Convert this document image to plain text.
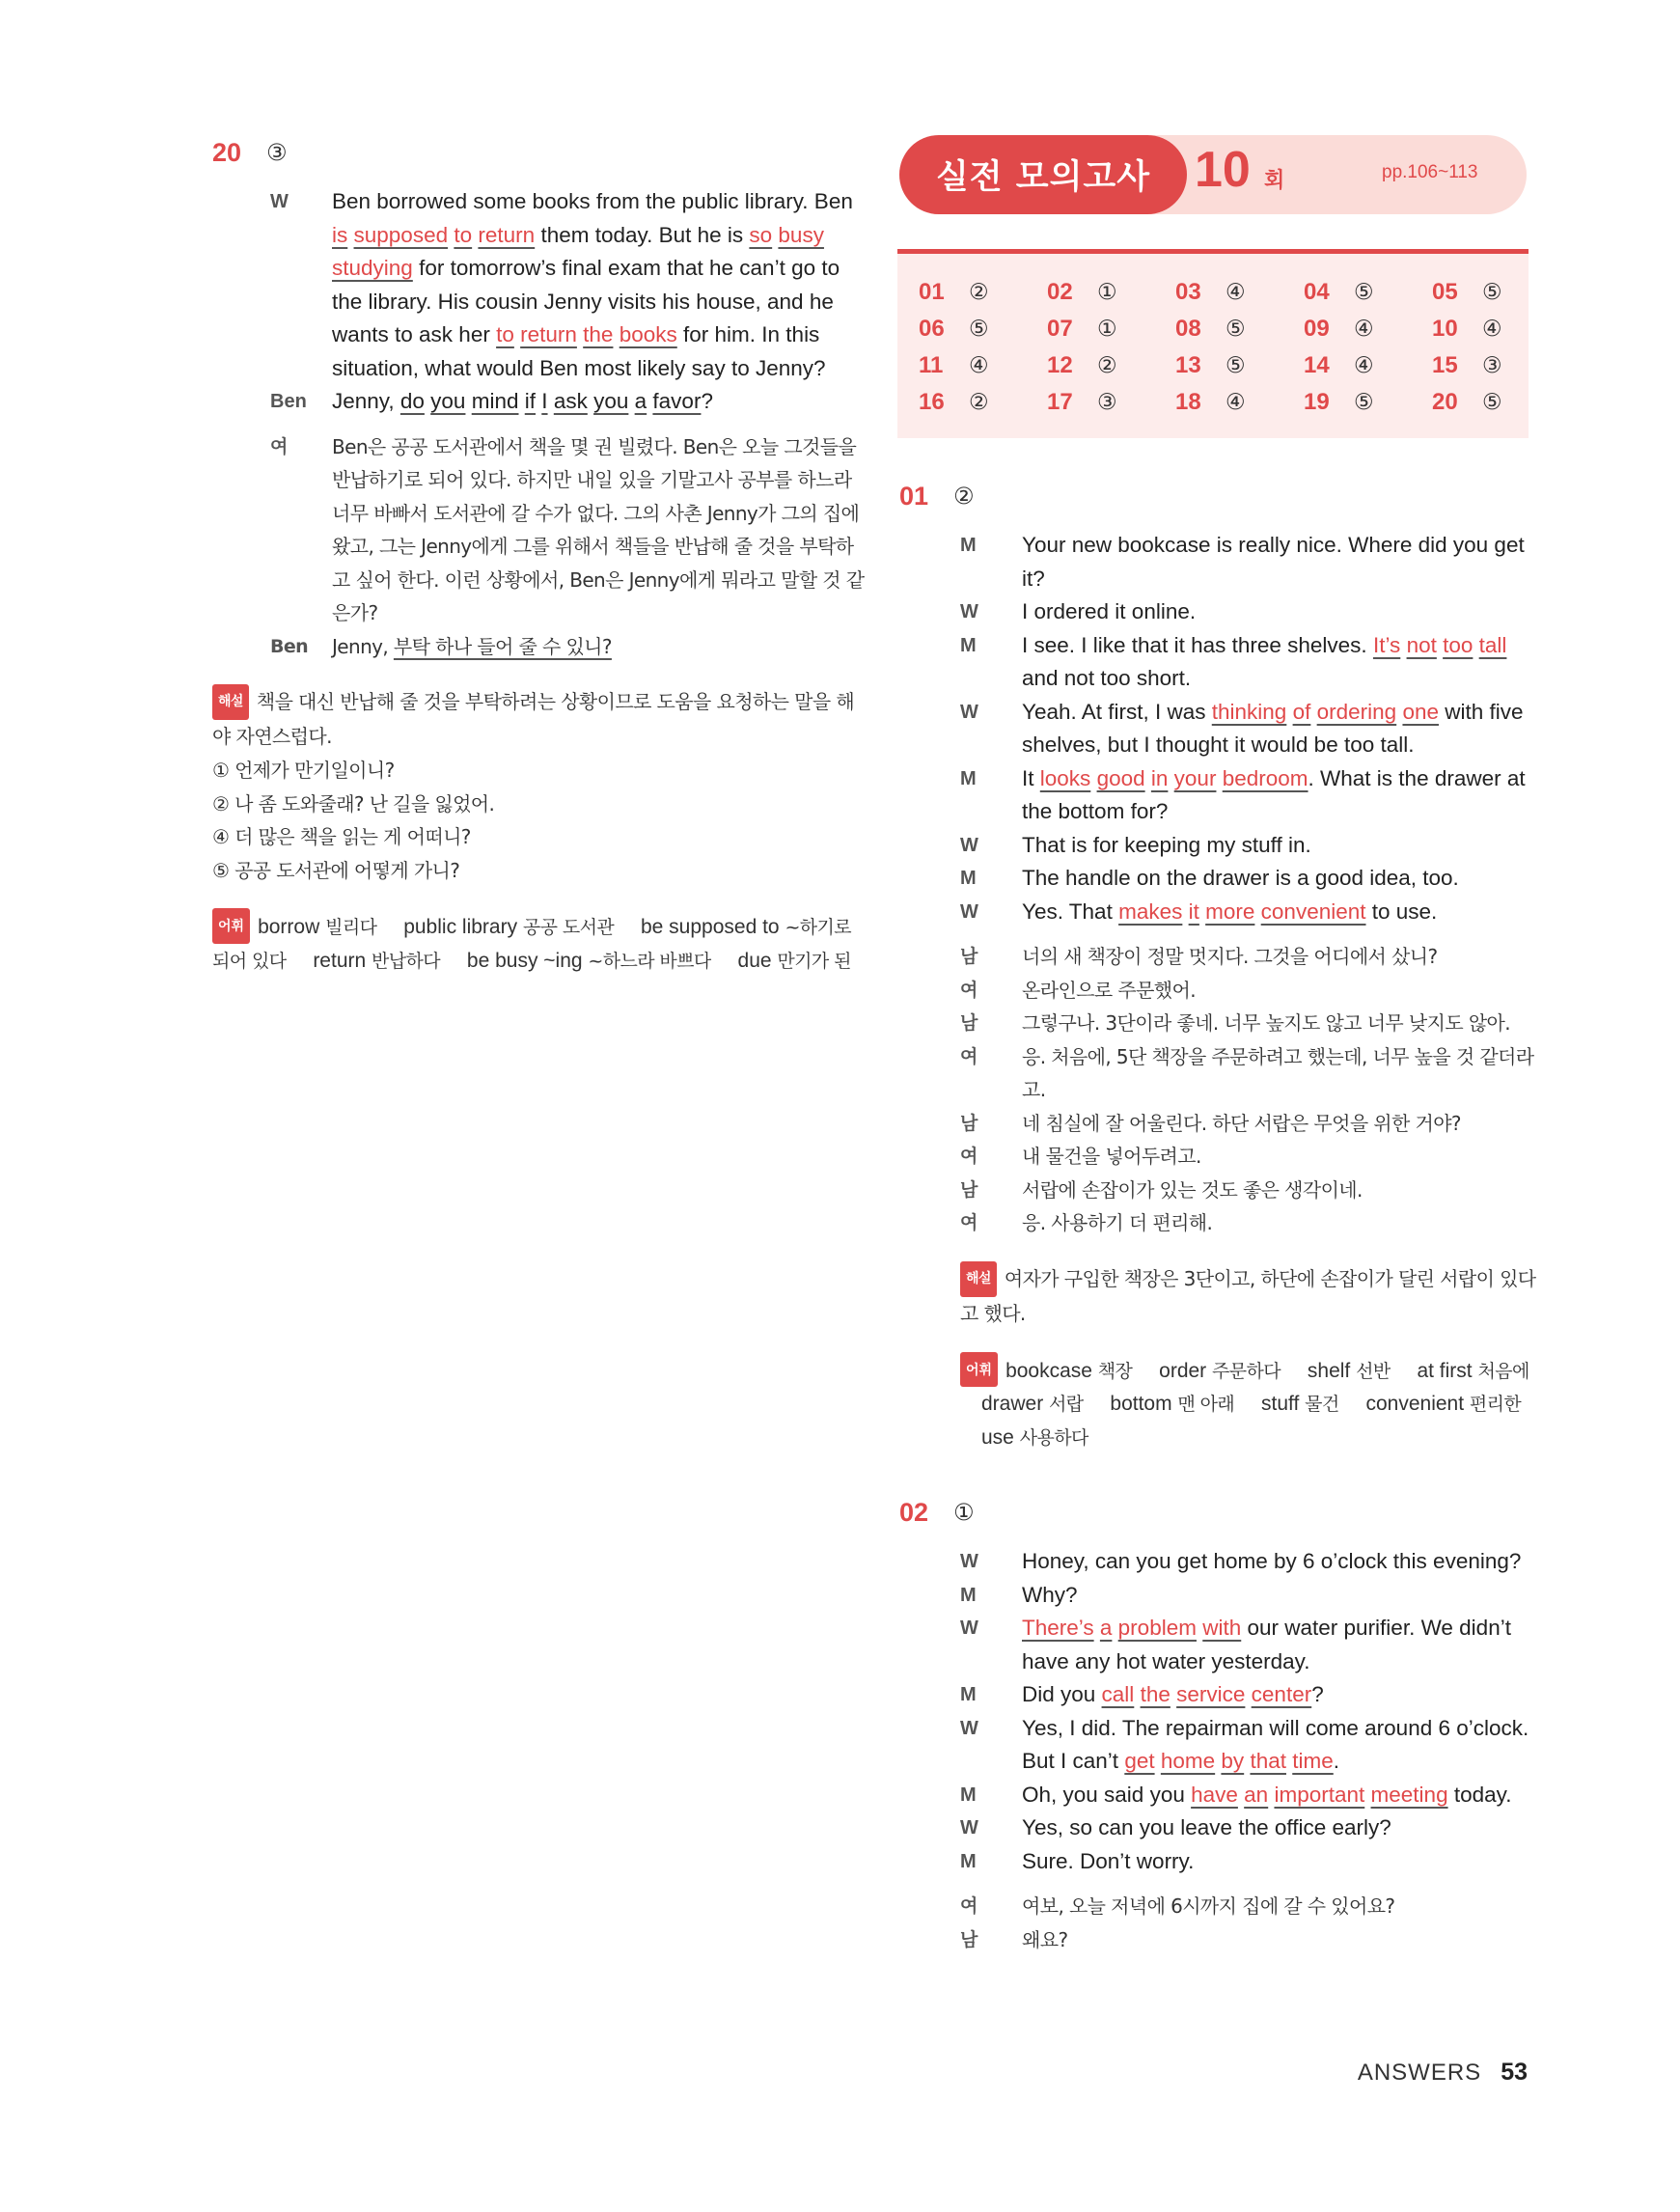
20 ③
W	Ben borrowed some books from the public library. Ben is supposed to return them today. But he is so busy studying for tomorrow’s final exam that he can’t go to the library. His cousin Jenny visits his house, and he wants to ask her to return the books for him. In this situation, what would Ben most likely say to Jenny?
Ben	Jenny, do you mind if I ask you a favor?
여	Ben은 공공 도서관에서 책을 몇 권 빌렸다. Ben은 오늘 그것들을 반납하기로 되어 있다. 하지만 내일 있을 기말고사 공부를 하느라 너무 바빠서 도서관에 갈 수가 없다. 그의 사촌 Jenny가 그의 집에 왔고, 그는 Jenny에게 그를 위해서 책들을 반납해 줄 것을 부탁하고 싶어 한다. 이런 상황에서, Ben은 Jenny에게 뭐라고 말할 것 같은가?
Ben	Jenny, 부탁 하나 들어 줄 수 있니?
해설 책을 대신 반납해 줄 것을 부탁하려는 상황이므로 도움을 요청하는 말을 해야 자연스럽다.
① 언제가 만기일이니?
② 나 좀 도와줄래? 난 길을 잃었어.
④ 더 많은 책을 읽는 게 어떠니?
⑤ 공공 도서관에 어떻게 가니?
어휘 borrow 빌리다 public library 공공 도서관 be supposed to ~하기로 되어 있다 return 반납하다 be busy ~ing ~하느라 바쁘다 due 만기가 된
실전 모의고사 10 회	pp.106~113
01	②	02	①	03	④	04	⑤	05	⑤
06	⑤	07	①	08	⑤	09	④	10	④
11	④	12	②	13	⑤	14	④	15	③
16	②	17	③	18	④	19	⑤	20	⑤
01 ②
M	Your new bookcase is really nice. Where did you get it?
W	I ordered it online.
M	I see. I like that it has three shelves. It’s not too tall and not too short.
W	Yeah. At first, I was thinking of ordering one with five shelves, but I thought it would be too tall.
M	It looks good in your bedroom. What is the drawer at the bottom for?
W	That is for keeping my stuff in.
M	The handle on the drawer is a good idea, too.
W	Yes. That makes it more convenient to use.
남	너의 새 책장이 정말 멋지다. 그것을 어디에서 샀니?
여	온라인으로 주문했어.
남	그렇구나. 3단이라 좋네. 너무 높지도 않고 너무 낮지도 않아.
여	응. 처음에, 5단 책장을 주문하려고 했는데, 너무 높을 것 같더라고.
남	네 침실에 잘 어울린다. 하단 서랍은 무엇을 위한 거야?
여	내 물건을 넣어두려고.
남	서랍에 손잡이가 있는 것도 좋은 생각이네.
여	응. 사용하기 더 편리해.
해설 여자가 구입한 책장은 3단이고, 하단에 손잡이가 달린 서랍이 있다고 했다.
어휘 bookcase 책장 order 주문하다 shelf 선반 at first 처음에 drawer 서랍 bottom 맨 아래 stuff 물건 convenient 편리한 use 사용하다
02 ①
W	Honey, can you get home by 6 o’clock this evening?
M	Why?
W	There’s a problem with our water purifier. We didn’t have any hot water yesterday.
M	Did you call the service center?
W	Yes, I did. The repairman will come around 6 o’clock. But I can’t get home by that time.
M	Oh, you said you have an important meeting today.
W	Yes, so can you leave the office early?
M	Sure. Don’t worry.
여	여보, 오늘 저녁에 6시까지 집에 갈 수 있어요?
남	왜요?
ANSWERS 53
